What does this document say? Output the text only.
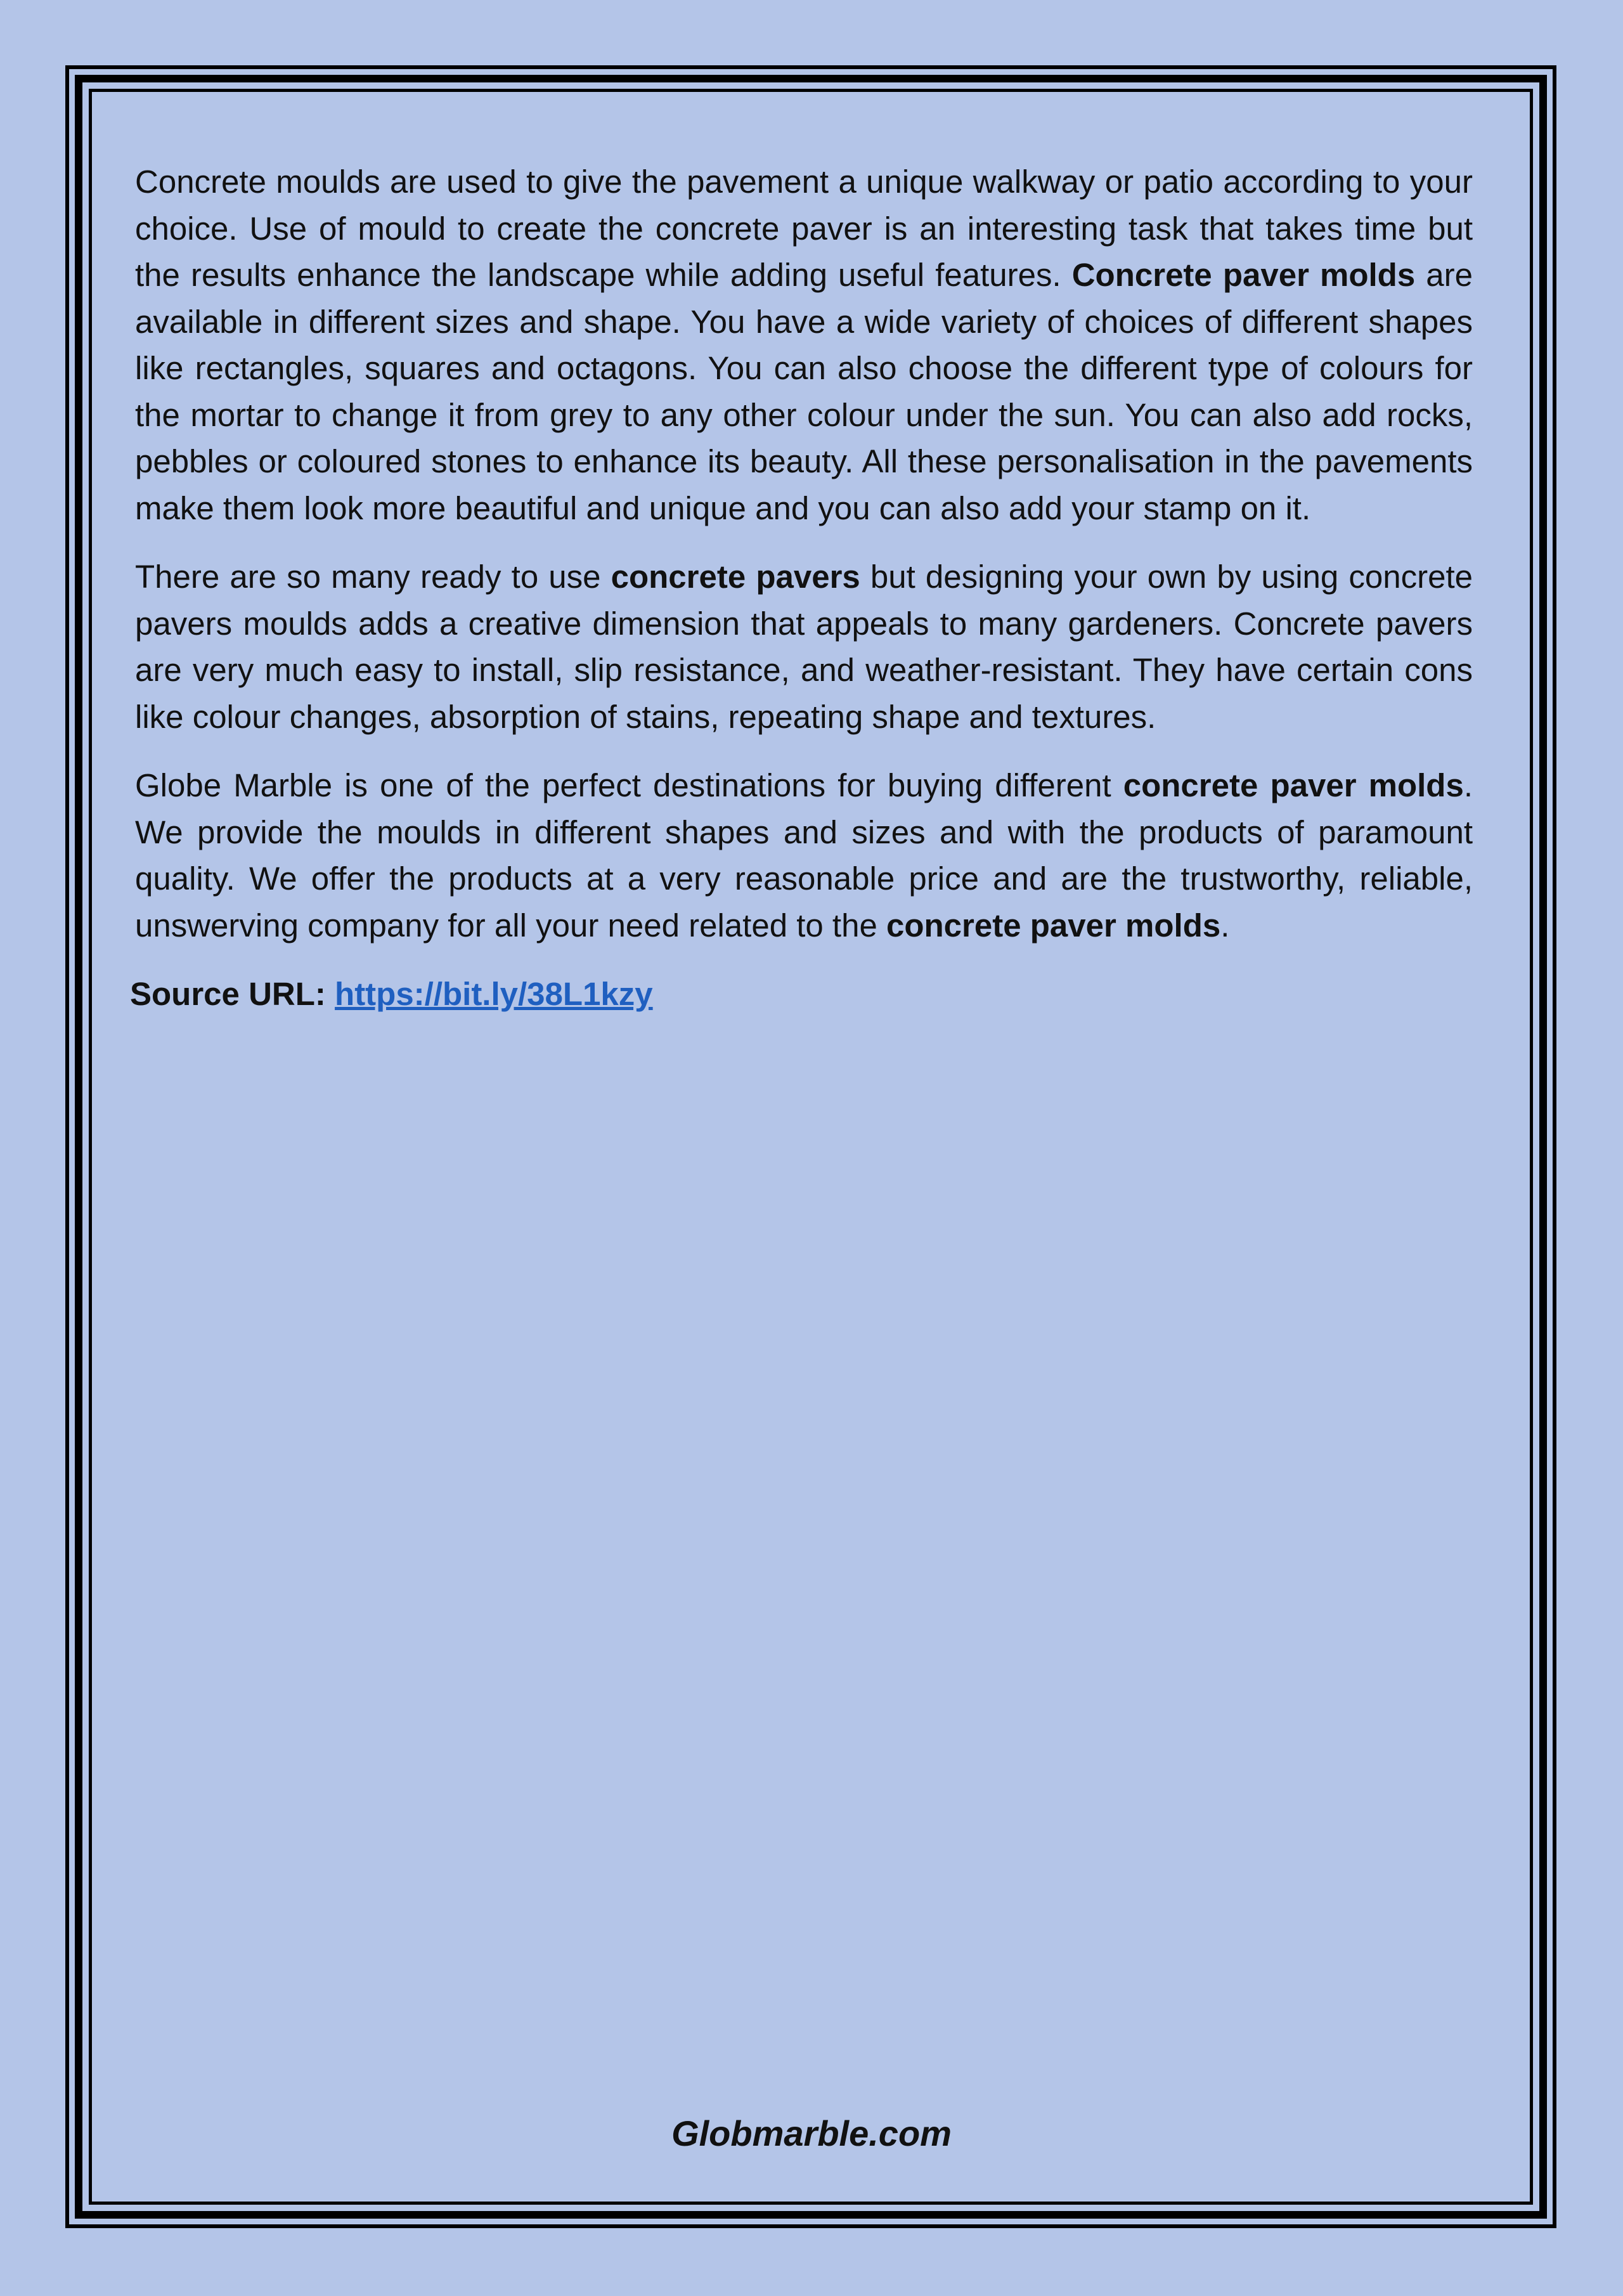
Concrete moulds are used to give the pavement a unique walkway or patio according to your choice. Use of mould to create the concrete paver is an interesting task that takes time but the results enhance the landscape while adding useful features. Concrete paver molds are available in different sizes and shape. You have a wide variety of choices of different shapes like rectangles, squares and octagons. You can also choose the different type of colours for the mortar to change it from grey to any other colour under the sun. You can also add rocks, pebbles or coloured stones to enhance its beauty. All these personalisation in the pavements make them look more beautiful and unique and you can also add your stamp on it.

There are so many ready to use concrete pavers but designing your own by using concrete pavers moulds adds a creative dimension that appeals to many gardeners. Concrete pavers are very much easy to install, slip resistance, and weather-resistant. They have certain cons like colour changes, absorption of stains, repeating shape and textures.

Globe Marble is one of the perfect destinations for buying different concrete paver molds. We provide the moulds in different shapes and sizes and with the products of paramount quality. We offer the products at a very reasonable price and are the trustworthy, reliable, unswerving company for all your need related to the concrete paver molds.

Source URL: https://bit.ly/38L1kzy
Globmarble.com
